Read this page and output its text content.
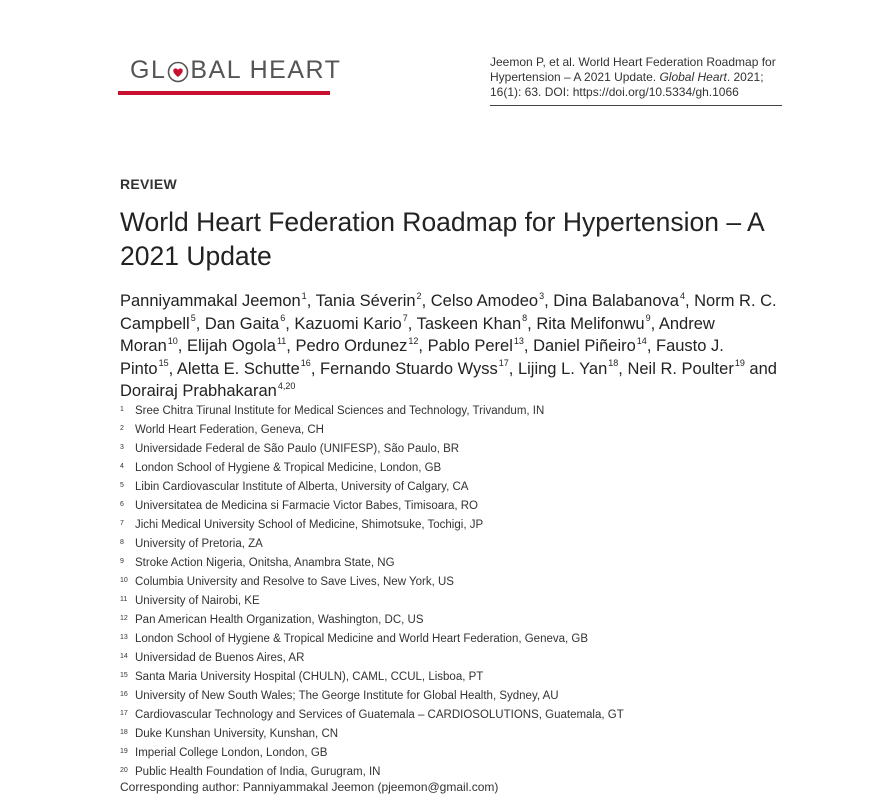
GL BAL HEART	Jeemon P, et al. World Heart Federation Roadmap for Hypertension – A 2021 Update. Global Heart. 2021; 16(1): 63. DOI: https://doi.org/10.5334/gh.1066
REVIEW
World Heart Federation Roadmap for Hypertension – A 2021 Update
Panniyammakal Jeemon$^1$, Tania Séverin$^2$, Celso Amodeo$^3$, Dina Balabanova$^4$, Norm R. C. Campbell$^5$, Dan Gaita$^6$, Kazuomi Kario$^7$, Taskeen Khan$^8$, Rita Melifonwu$^9$, Andrew Moran$^{10}$, Elijah Ogola$^{11}$, Pedro Ordunez$^{12}$, Pablo Perel$^{13}$, Daniel Piñeiro$^{14}$, Fausto J. Pinto$^{15}$, Aletta E. Schutte$^{16}$, Fernando Stuardo Wyss$^{17}$, Lijing L. Yan$^{18}$, Neil R. Poulter$^{19}$ and Dorairaj Prabhakaran$^{4,20}$
1 Sree Chitra Tirunal Institute for Medical Sciences and Technology, Trivandum, IN
2 World Heart Federation, Geneva, CH
3 Universidade Federal de São Paulo (UNIFESP), São Paulo, BR
4 London School of Hygiene & Tropical Medicine, London, GB
5 Libin Cardiovascular Institute of Alberta, University of Calgary, CA
6 Universitatea de Medicina si Farmacie Victor Babes, Timisoara, RO
7 Jichi Medical University School of Medicine, Shimotsuke, Tochigi, JP
8 University of Pretoria, ZA
9 Stroke Action Nigeria, Onitsha, Anambra State, NG
10 Columbia University and Resolve to Save Lives, New York, US
11 University of Nairobi, KE
12 Pan American Health Organization, Washington, DC, US
13 London School of Hygiene & Tropical Medicine and World Heart Federation, Geneva, GB
14 Universidad de Buenos Aires, AR
15 Santa Maria University Hospital (CHULN), CAML, CCUL, Lisboa, PT
16 University of New South Wales; The George Institute for Global Health, Sydney, AU
17 Cardiovascular Technology and Services of Guatemala – CARDIOSOLUTIONS, Guatemala, GT
18 Duke Kunshan University, Kunshan, CN
19 Imperial College London, London, GB
20 Public Health Foundation of India, Gurugram, IN
Corresponding author: Panniyammakal Jeemon (pjeemon@gmail.com)
